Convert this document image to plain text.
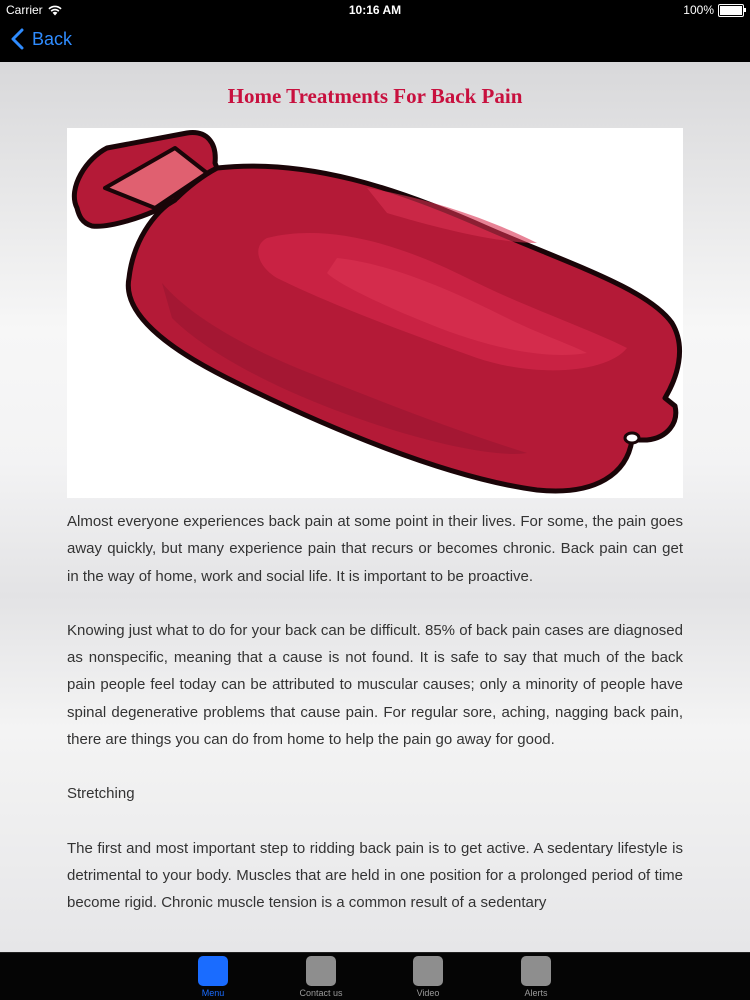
Carrier	10:16 AM	100%
Back
Home Treatments For Back Pain

Almost everyone experiences back pain at some point in their lives. For some, the pain goes away quickly, but many experience pain that recurs or becomes chronic. Back pain can get in the way of home, work and social life. It is important to be proactive.

Knowing just what to do for your back can be difficult. 85% of back pain cases are diagnosed as nonspecific, meaning that a cause is not found. It is safe to say that much of the back pain people feel today can be attributed to muscular causes; only a minority of people have spinal degenerative problems that cause pain. For regular sore, aching, nagging back pain, there are things you can do from home to help the pain go away for good.

Stretching

The first and most important step to ridding back pain is to get active. A sedentary lifestyle is detrimental to your body. Muscles that are held in one position for a prolonged period of time become rigid. Chronic muscle tension is a common result of a sedentary

Menu	Contact us	Video	Alerts
